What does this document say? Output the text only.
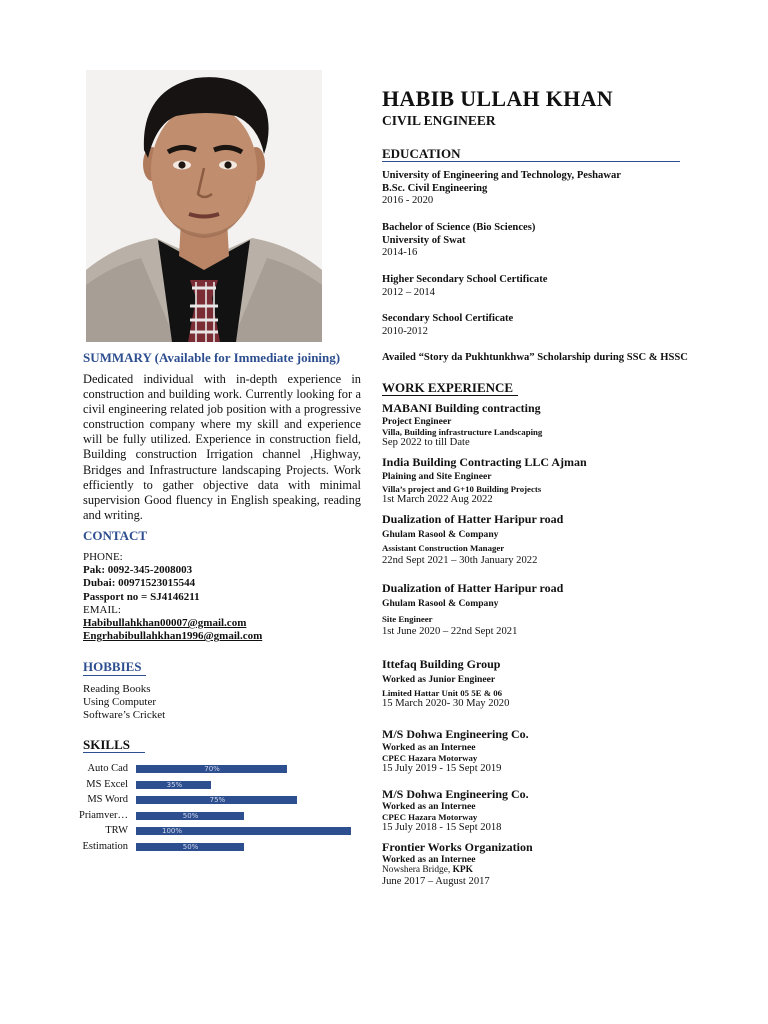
SUMMARY (Available for Immediate joining)
Dedicated individual with in-depth experience in construction and building work. Currently looking for a civil engineering related job position with a progressive construction company where my skill and experience will be fully utilized. Experience in construction field, Building construction Irrigation channel ,Highway, Bridges and Infrastructure landscaping Projects. Work efficiently to gather objective data with minimal supervision Good fluency in English speaking, reading and writing.
CONTACT
PHONE:
Pak: 0092-345-2008003
Dubai: 00971523015544
Passport no = SJ4146211
EMAIL:
Habibullahkhan00007@gmail.com
Engrhabibullahkhan1996@gmail.com
HOBBIES
Reading Books
Using Computer
Software’s Cricket
SKILLS
Auto Cad	70%
MS Excel	35%
MS Word	75%
Priamver…	50%
TRW	100%
Estimation	50%
HABIB ULLAH KHAN
CIVIL ENGINEER
EDUCATION
University of Engineering and Technology, Peshawar
B.Sc. Civil Engineering
2016 - 2020
Bachelor of Science (Bio Sciences)
University of Swat
2014-16
Higher Secondary School Certificate
2012 – 2014
Secondary School Certificate
2010-2012
Availed “Story da Pukhtunkhwa” Scholarship during SSC & HSSC
WORK EXPERIENCE
MABANI Building contracting
Project Engineer
Villa, Building infrastructure Landscaping
Sep 2022 to till Date
India Building Contracting LLC Ajman
Plaining and Site Engineer
Villa’s project and G+10 Building Projects
1st March 2022 Aug 2022
Dualization of Hatter Haripur road
Ghulam Rasool & Company
Assistant Construction Manager
22nd Sept 2021 – 30th January 2022
Dualization of Hatter Haripur road
Ghulam Rasool & Company
Site Engineer
1st June 2020 – 22nd Sept 2021
Ittefaq Building Group
Worked as Junior Engineer
Limited Hattar Unit 05 5E & 06
15 March 2020- 30 May 2020
M/S Dohwa Engineering Co.
Worked as an Internee
CPEC Hazara Motorway
15 July 2019 - 15 Sept 2019
M/S Dohwa Engineering Co.
Worked as an Internee
CPEC Hazara Motorway
15 July 2018 - 15 Sept 2018
Frontier Works Organization
Worked as an Internee
Nowshera Bridge, KPK
June 2017 – August 2017
